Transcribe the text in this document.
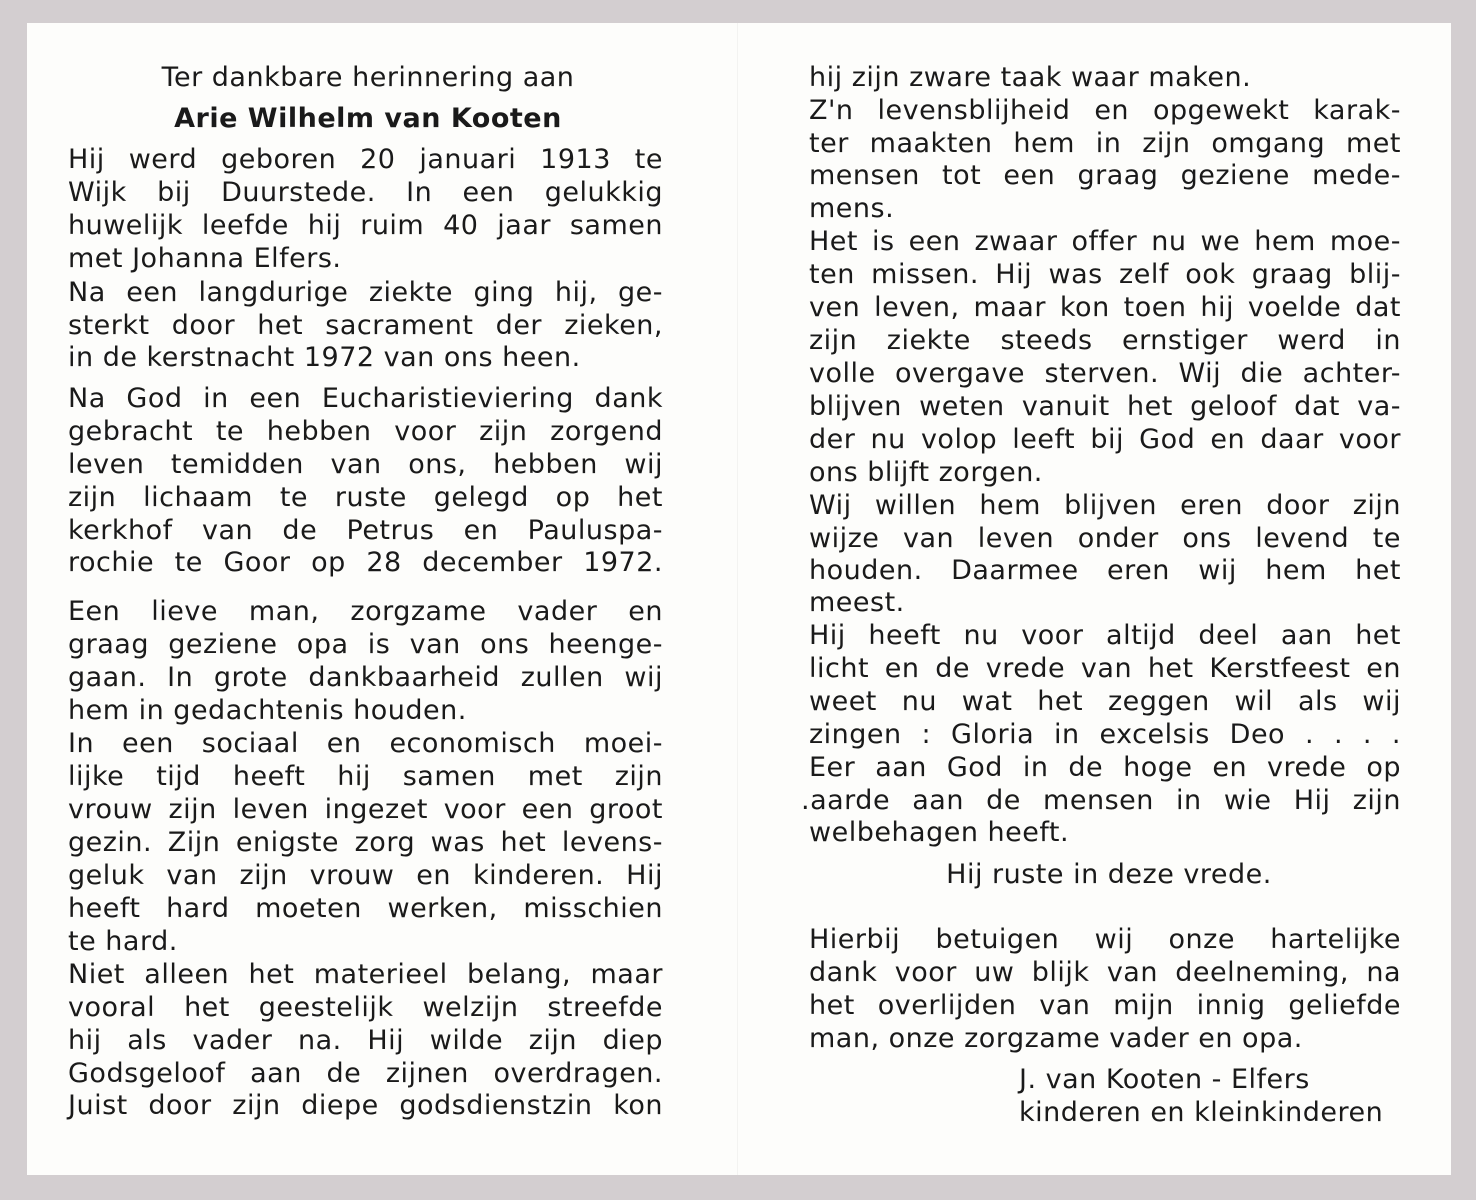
Ter dankbare herinnering aan
Arie Wilhelm van Kooten
Hij werd geboren 20 januari 1913 te
Wijk bij Duurstede. In een gelukkig
huwelijk leefde hij ruim 40 jaar samen
met Johanna Elfers.
Na een langdurige ziekte ging hij, ge-
sterkt door het sacrament der zieken,
in de kerstnacht 1972 van ons heen.
Na God in een Eucharistieviering dank
gebracht te hebben voor zijn zorgend
leven temidden van ons, hebben wij
zijn lichaam te ruste gelegd op het
kerkhof van de Petrus en Pauluspa-
rochie te Goor op 28 december 1972.
Een lieve man, zorgzame vader en
graag geziene opa is van ons heenge-
gaan. In grote dankbaarheid zullen wij
hem in gedachtenis houden.
In een sociaal en economisch moei-
lijke tijd heeft hij samen met zijn
vrouw zijn leven ingezet voor een groot
gezin. Zijn enigste zorg was het levens-
geluk van zijn vrouw en kinderen. Hij
heeft hard moeten werken, misschien
te hard.
Niet alleen het materieel belang, maar
vooral het geestelijk welzijn streefde
hij als vader na. Hij wilde zijn diep
Godsgeloof aan de zijnen overdragen.
Juist door zijn diepe godsdienstzin kon
hij zijn zware taak waar maken.
Z'n levensblijheid en opgewekt karak-
ter maakten hem in zijn omgang met
mensen tot een graag geziene mede-
mens.
Het is een zwaar offer nu we hem moe-
ten missen. Hij was zelf ook graag blij-
ven leven, maar kon toen hij voelde dat
zijn ziekte steeds ernstiger werd in
volle overgave sterven. Wij die achter-
blijven weten vanuit het geloof dat va-
der nu volop leeft bij God en daar voor
ons blijft zorgen.
Wij willen hem blijven eren door zijn
wijze van leven onder ons levend te
houden. Daarmee eren wij hem het
meest.
Hij heeft nu voor altijd deel aan het
licht en de vrede van het Kerstfeest en
weet nu wat het zeggen wil als wij
zingen : Gloria in excelsis Deo . . . .
Eer aan God in de hoge en vrede op
.aarde aan de mensen in wie Hij zijn
welbehagen heeft.
Hij ruste in deze vrede.
Hierbij betuigen wij onze hartelijke
dank voor uw blijk van deelneming, na
het overlijden van mijn innig geliefde
man, onze zorgzame vader en opa.
J. van Kooten - Elfers
kinderen en kleinkinderen
